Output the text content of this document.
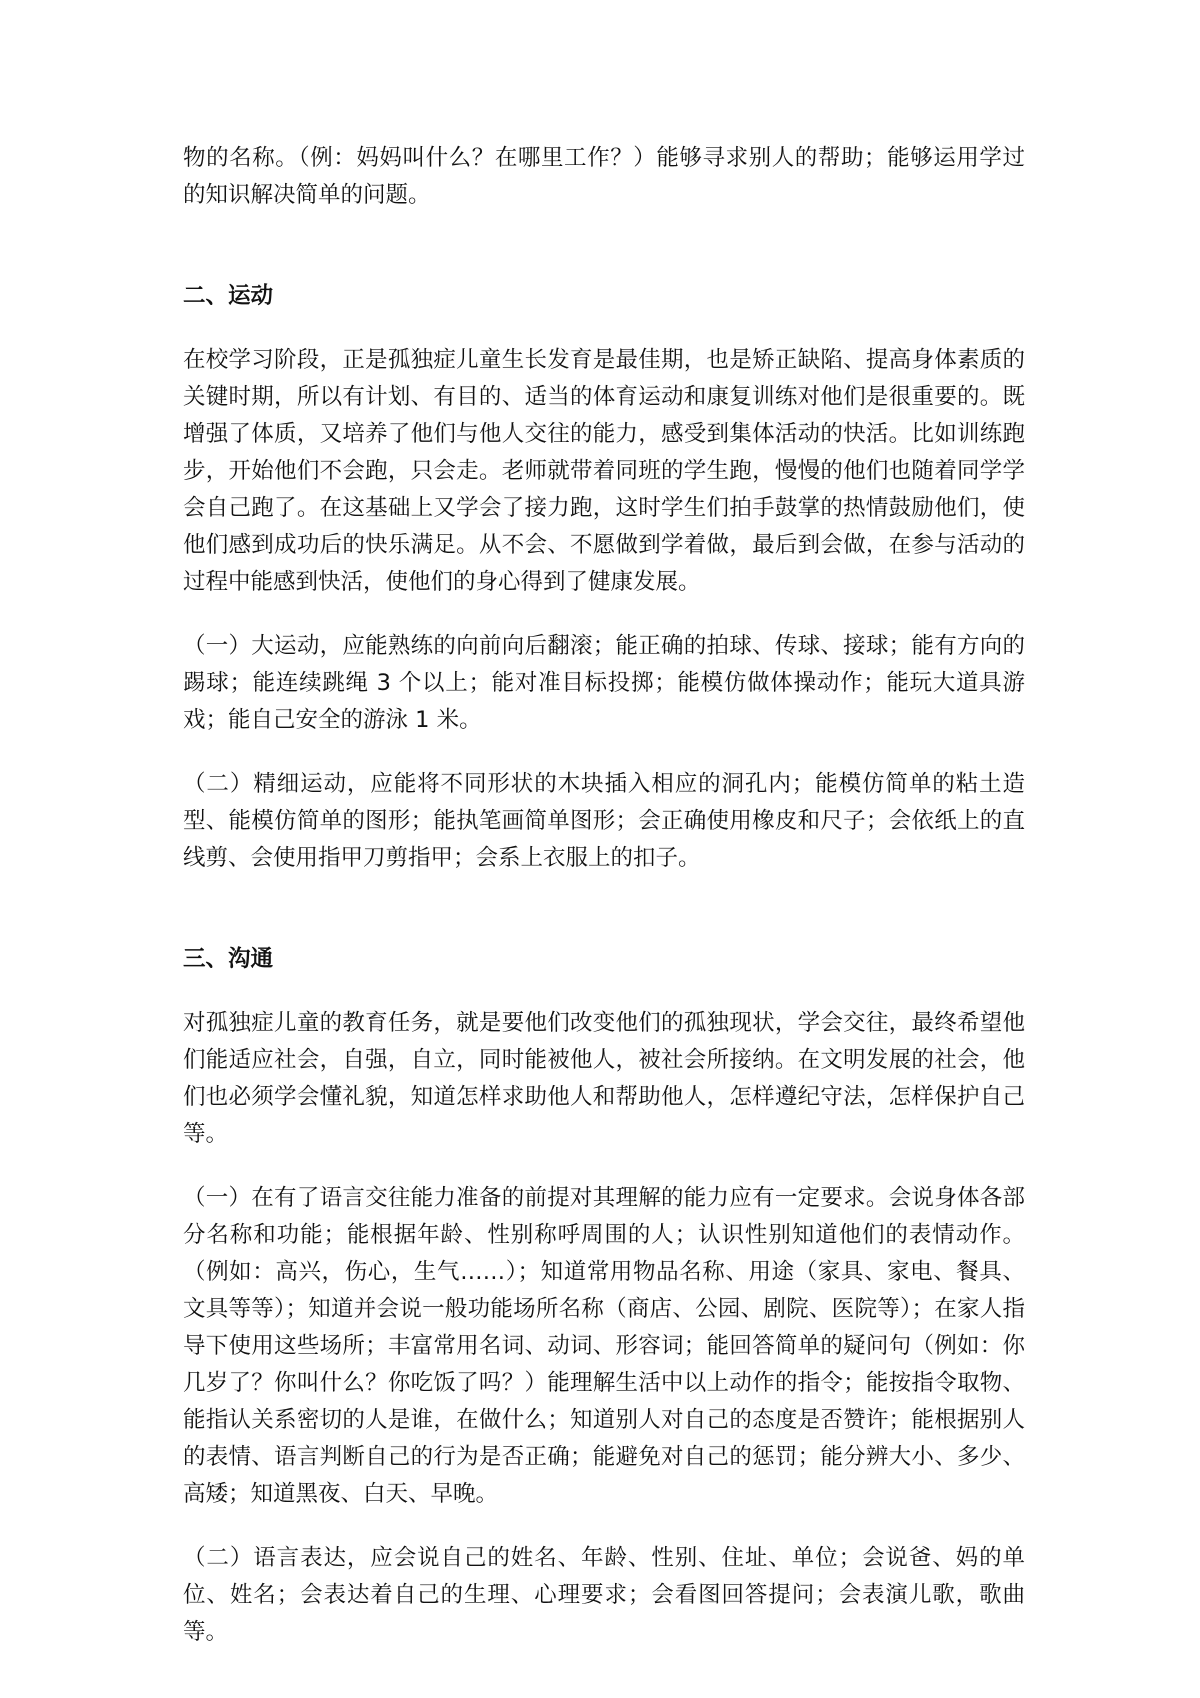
物的名称。（例：妈妈叫什么？在哪里工作？）能够寻求别人的帮助；能够运用学过的知识解决简单的问题。

二、运动

在校学习阶段，正是孤独症儿童生长发育是最佳期，也是矫正缺陷、提高身体素质的关键时期，所以有计划、有目的、适当的体育运动和康复训练对他们是很重要的。既增强了体质，又培养了他们与他人交往的能力，感受到集体活动的快活。比如训练跑步，开始他们不会跑，只会走。老师就带着同班的学生跑，慢慢的他们也随着同学学会自己跑了。在这基础上又学会了接力跑，这时学生们拍手鼓掌的热情鼓励他们，使他们感到成功后的快乐满足。从不会、不愿做到学着做，最后到会做，在参与活动的过程中能感到快活，使他们的身心得到了健康发展。

（一）大运动，应能熟练的向前向后翻滚；能正确的拍球、传球、接球；能有方向的踢球；能连续跳绳 3 个以上；能对准目标投掷；能模仿做体操动作；能玩大道具游戏；能自己安全的游泳 1 米。

（二）精细运动，应能将不同形状的木块插入相应的洞孔内；能模仿简单的粘土造型、能模仿简单的图形；能执笔画简单图形；会正确使用橡皮和尺子；会依纸上的直线剪、会使用指甲刀剪指甲；会系上衣服上的扣子。

三、沟通

对孤独症儿童的教育任务，就是要他们改变他们的孤独现状，学会交往，最终希望他们能适应社会，自强，自立，同时能被他人，被社会所接纳。在文明发展的社会，他们也必须学会懂礼貌，知道怎样求助他人和帮助他人，怎样遵纪守法，怎样保护自己等。

（一）在有了语言交往能力准备的前提对其理解的能力应有一定要求。会说身体各部分名称和功能；能根据年龄、性别称呼周围的人；认识性别知道他们的表情动作。（例如：高兴，伤心，生气……）；知道常用物品名称、用途（家具、家电、餐具、文具等等）；知道并会说一般功能场所名称（商店、公园、剧院、医院等）；在家人指导下使用这些场所；丰富常用名词、动词、形容词；能回答简单的疑问句（例如：你几岁了？你叫什么？你吃饭了吗？）能理解生活中以上动作的指令；能按指令取物、能指认关系密切的人是谁，在做什么；知道别人对自己的态度是否赞许；能根据别人的表情、语言判断自己的行为是否正确；能避免对自己的惩罚；能分辨大小、多少、高矮；知道黑夜、白天、早晚。

（二）语言表达，应会说自己的姓名、年龄、性别、住址、单位；会说爸、妈的单位、姓名；会表达着自己的生理、心理要求；会看图回答提问；会表演儿歌，歌曲等。
